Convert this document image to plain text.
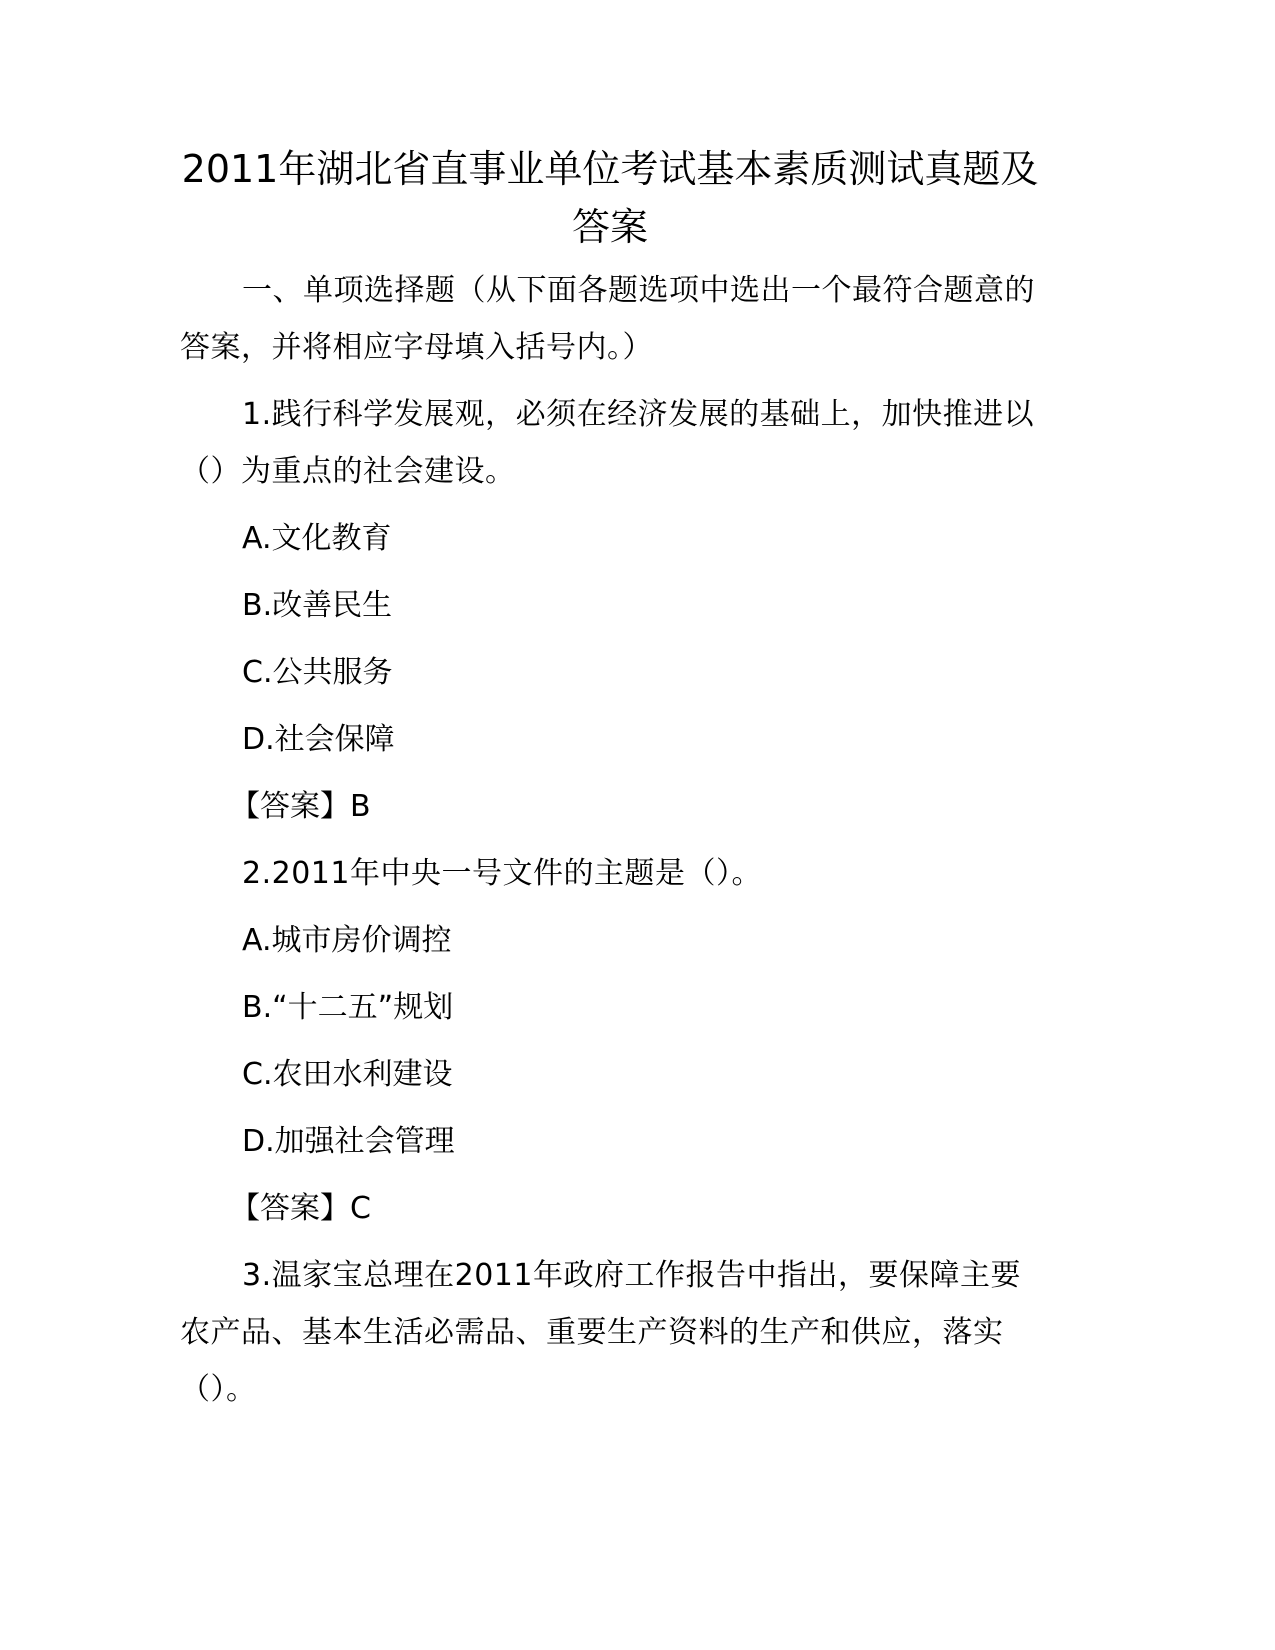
2011年湖北省直事业单位考试基本素质测试真题及答案

一、单项选择题（从下面各题选项中选出一个最符合题意的答案，并将相应字母填入括号内。）

1.践行科学发展观，必须在经济发展的基础上，加快推进以（）为重点的社会建设。

A.文化教育

B.改善民生

C.公共服务

D.社会保障

【答案】B

2.2011年中央一号文件的主题是（）。

A.城市房价调控

B.“十二五”规划

C.农田水利建设

D.加强社会管理

【答案】C

3.温家宝总理在2011年政府工作报告中指出，要保障主要农产品、基本生活必需品、重要生产资料的生产和供应，落实（）。
